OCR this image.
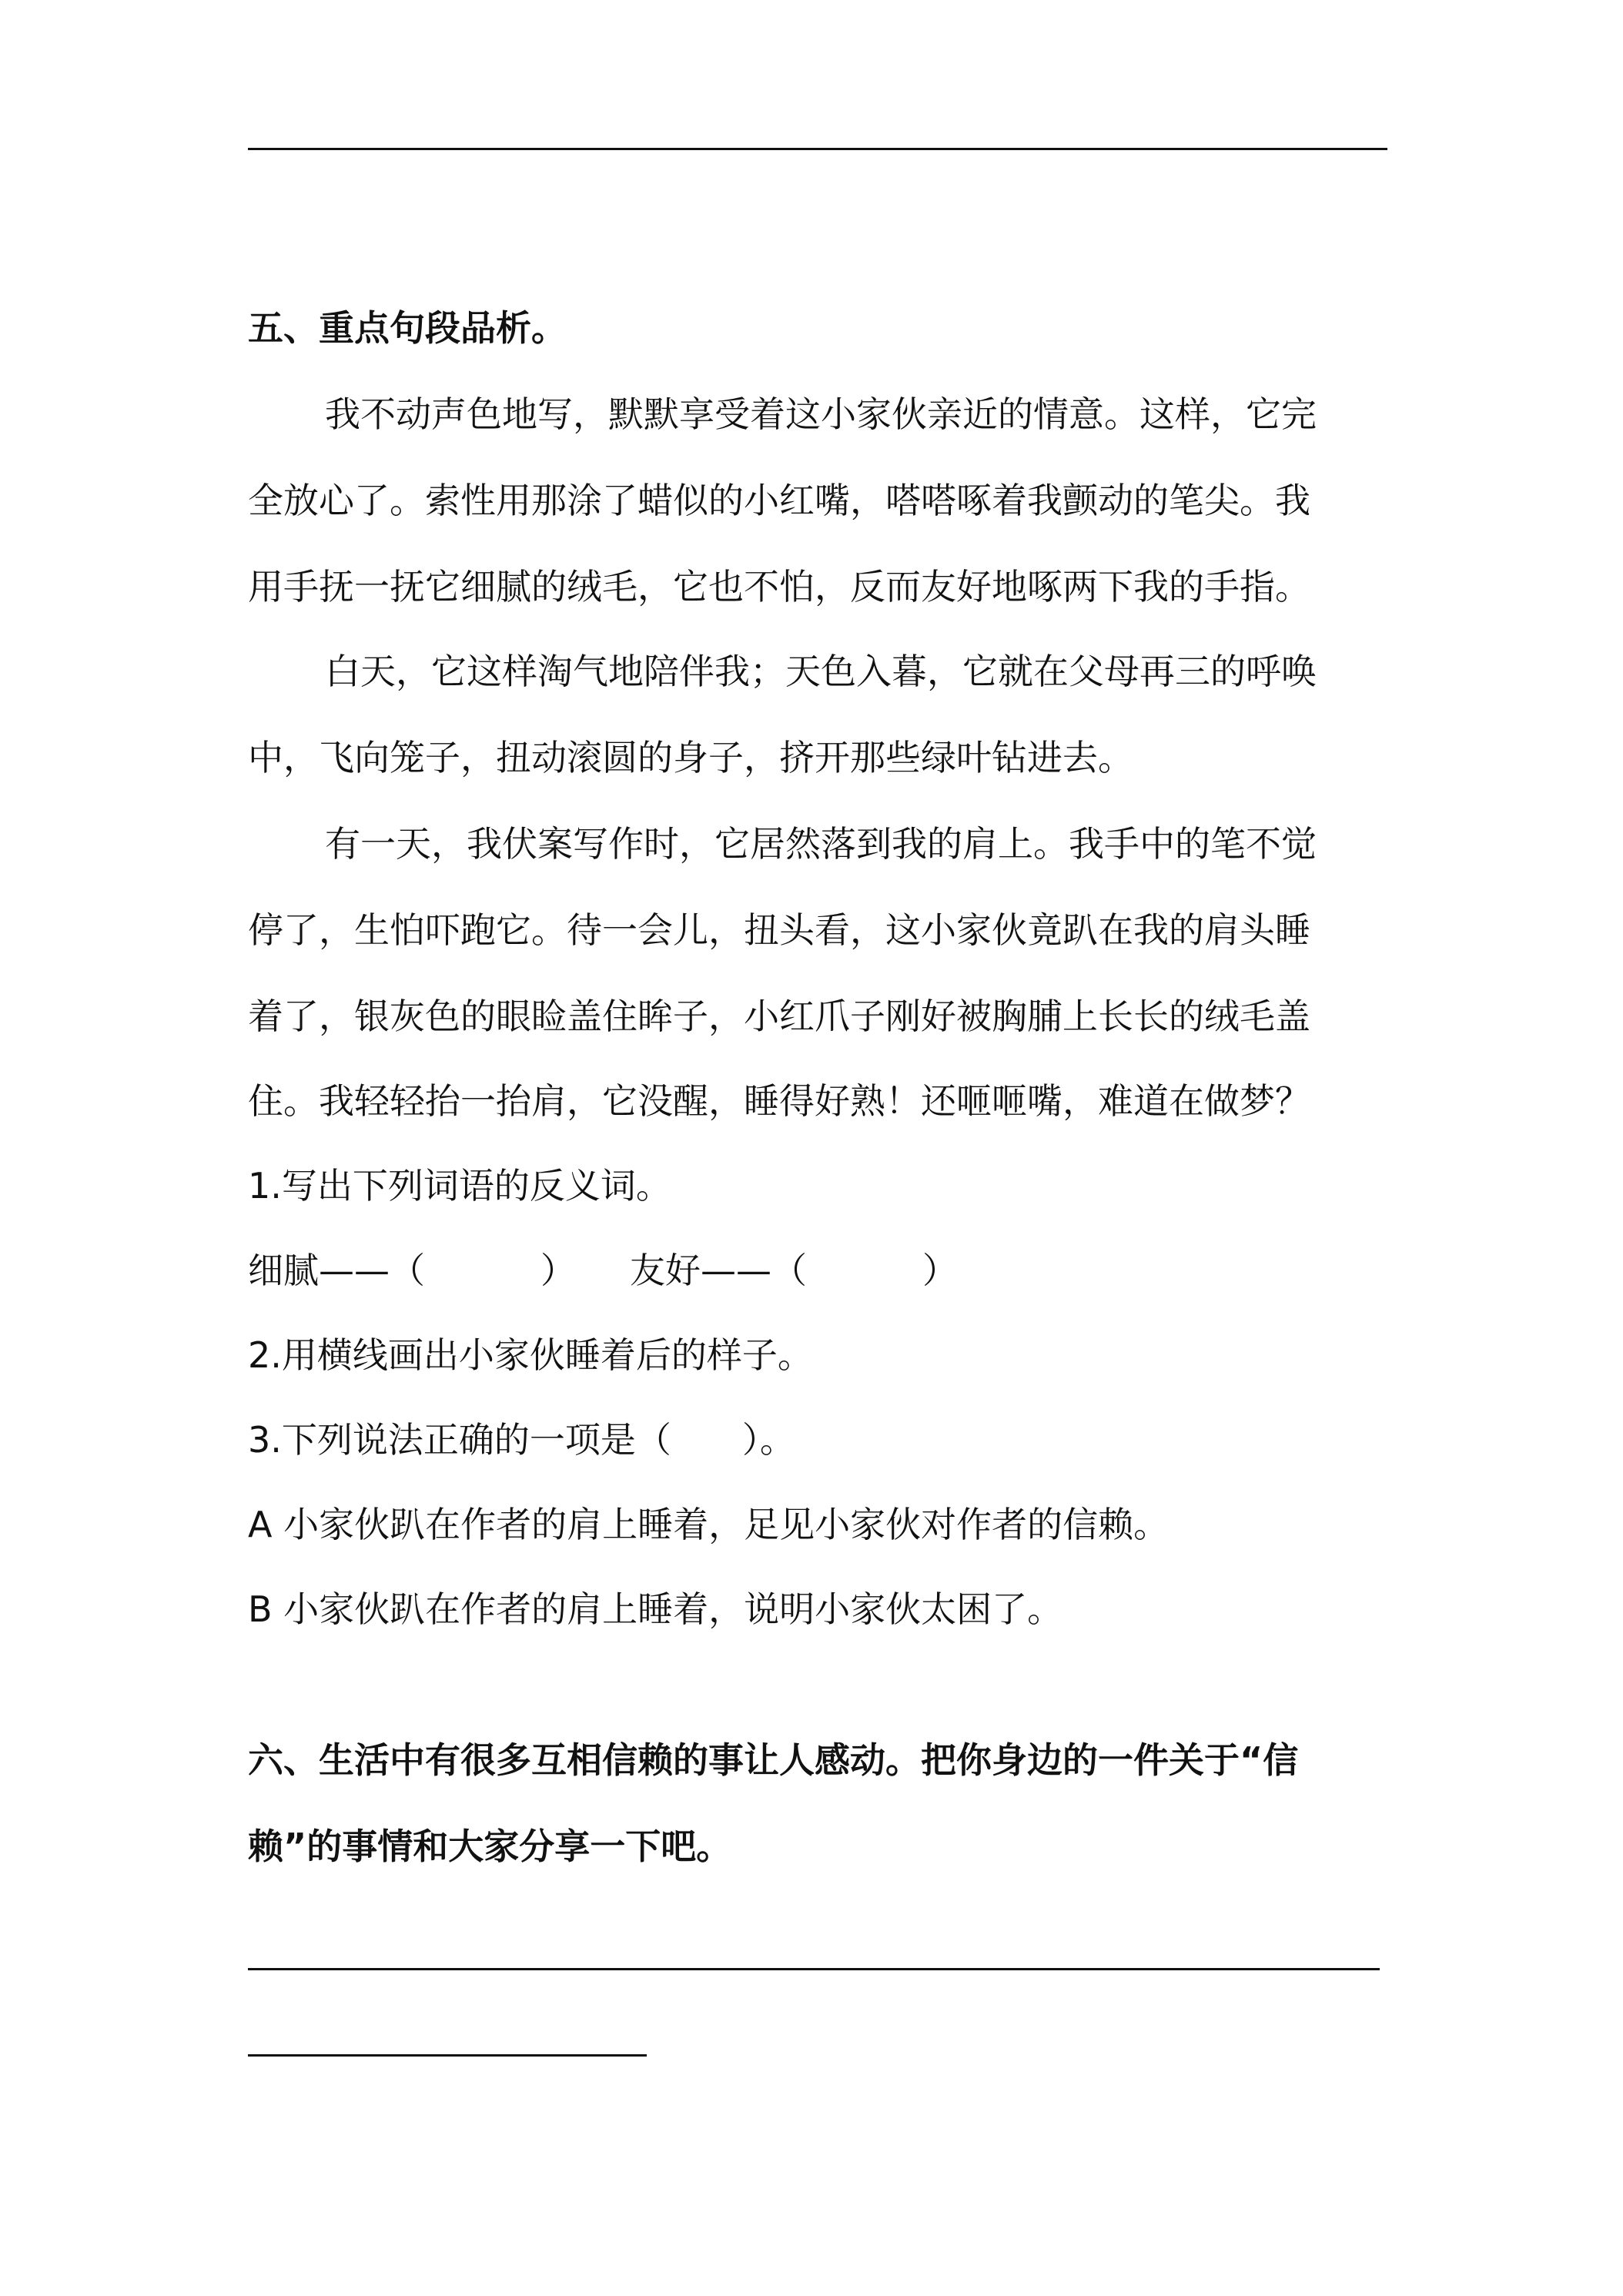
五、重点句段品析。
我不动声色地写，默默享受着这小家伙亲近的情意。这样，它完
全放心了。索性用那涂了蜡似的小红嘴，嗒嗒啄着我颤动的笔尖。我
用手抚一抚它细腻的绒毛，它也不怕，反而友好地啄两下我的手指。
白天，它这样淘气地陪伴我；天色入暮，它就在父母再三的呼唤
中，飞向笼子，扭动滚圆的身子，挤开那些绿叶钻进去。
有一天，我伏案写作时，它居然落到我的肩上。我手中的笔不觉
停了，生怕吓跑它。待一会儿，扭头看，这小家伙竟趴在我的肩头睡
着了，银灰色的眼睑盖住眸子，小红爪子刚好被胸脯上长长的绒毛盖
住。我轻轻抬一抬肩，它没醒，睡得好熟！还咂咂嘴，难道在做梦？
1.写出下列词语的反义词。
细腻——（	） 友好——（	）
2.用横线画出小家伙睡着后的样子。
3.下列说法正确的一项是（　　）。
A 小家伙趴在作者的肩上睡着，足见小家伙对作者的信赖。
B 小家伙趴在作者的肩上睡着，说明小家伙太困了。
六、生活中有很多互相信赖的事让人感动。把你身边的一件关于“信
赖”的事情和大家分享一下吧。
